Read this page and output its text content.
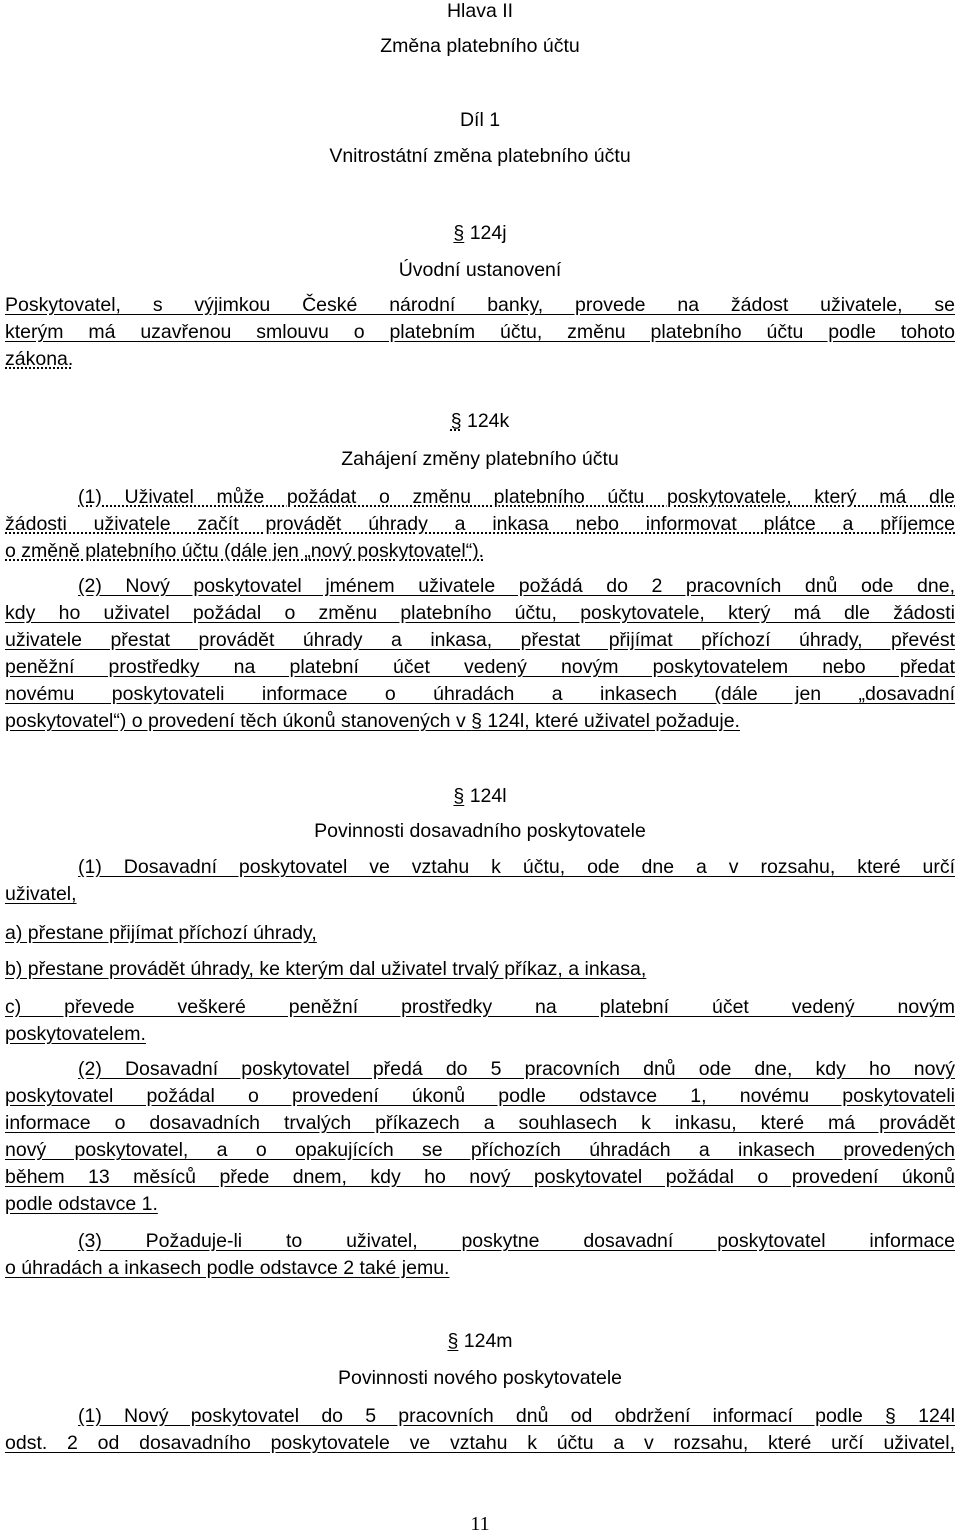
Hlava II
Změna platebního účtu
Díl 1
Vnitrostátní změna platebního účtu
§ 124j
Úvodní ustanovení
Poskytovatel, s výjimkou České národní banky, provede na žádost uživatele, se
kterým má uzavřenou smlouvu o platebním účtu, změnu platebního účtu podle tohoto
zákona.
§ 124k
Zahájení změny platebního účtu
(1) Uživatel může požádat o změnu platebního účtu poskytovatele, který má dle
žádosti uživatele začít provádět úhrady a inkasa nebo informovat plátce a příjemce
o změně platebního účtu (dále jen „nový poskytovatel“).
(2) Nový poskytovatel jménem uživatele požádá do 2 pracovních dnů ode dne,
kdy ho uživatel požádal o změnu platebního účtu, poskytovatele, který má dle žádosti
uživatele přestat provádět úhrady a inkasa, přestat přijímat příchozí úhrady, převést
peněžní prostředky na platební účet vedený novým poskytovatelem nebo předat
novému poskytovateli informace o úhradách a inkasech (dále jen „dosavadní
poskytovatel“) o provedení těch úkonů stanovených v § 124l, které uživatel požaduje.
§ 124l
Povinnosti dosavadního poskytovatele
(1) Dosavadní poskytovatel ve vztahu k účtu, ode dne a v rozsahu, které určí
uživatel,
a) přestane přijímat příchozí úhrady,
b) přestane provádět úhrady, ke kterým dal uživatel trvalý příkaz, a inkasa,
c) převede veškeré peněžní prostředky na platební účet vedený novým
poskytovatelem.
(2) Dosavadní poskytovatel předá do 5 pracovních dnů ode dne, kdy ho nový
poskytovatel požádal o provedení úkonů podle odstavce 1, novému poskytovateli
informace o dosavadních trvalých příkazech a souhlasech k inkasu, které má provádět
nový poskytovatel, a o opakujících se příchozích úhradách a inkasech provedených
během 13 měsíců přede dnem, kdy ho nový poskytovatel požádal o provedení úkonů
podle odstavce 1.
(3) Požaduje-li to uživatel, poskytne dosavadní poskytovatel informace
o úhradách a inkasech podle odstavce 2 také jemu.
§ 124m
Povinnosti nového poskytovatele
(1) Nový poskytovatel do 5 pracovních dnů od obdržení informací podle § 124l
odst. 2 od dosavadního poskytovatele ve vztahu k účtu a v rozsahu, které určí uživatel,
11
